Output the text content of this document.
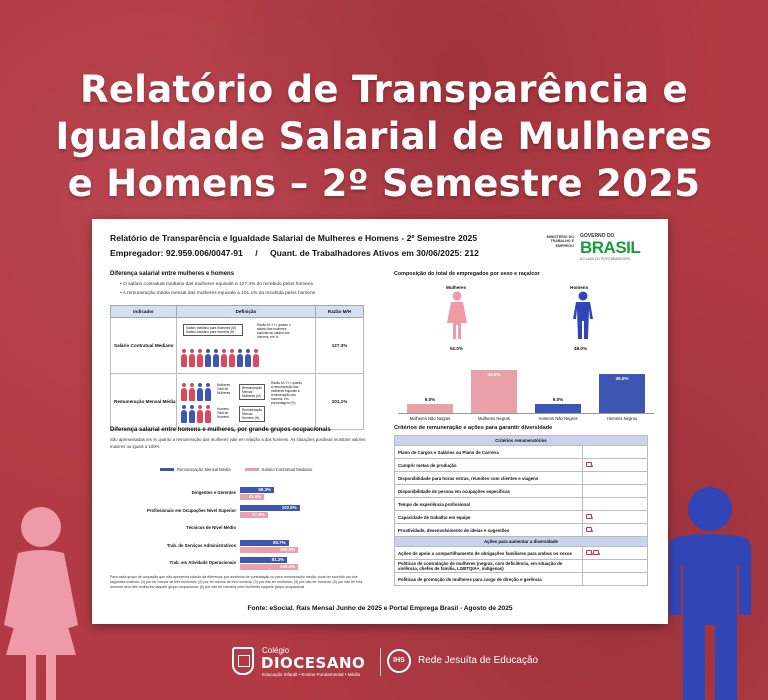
Relatório de Transparência e
Igualdade Salarial de Mulheres
e Homens – 2º Semestre 2025
Relatório de Transparência e Igualdade Salarial de Mulheres e Homens - 2º Semestre 2025
Empregador: 92.959.006/0047-91 / Quant. de Trabalhadores Ativos em 30/06/2025: 212
MINISTÉRIO DO TRABALHO E EMPREGO
GOVERNO DO
BRASIL
DO LADO DO POVO BRASILEIRO
Diferença salarial entre mulheres e homens
• O salário contratual mediano das mulheres equivale a 127.3% do recebido pelos homens.
• A remuneração média mensal das mulheres equivale a 101.1% da recebida pelos homens.
Indicador	Definição	Razão M/H
Salário Contratual Mediano	Salário mediano para Mulheres (M)
Salário mediano para Homens (H)
Razão M / H = quanto o salário das mulheres equivale ao salário dos homens, em %	127.3%
Remuneração Mensal Média	Mulheres Total de Mulheres
Homens Total de Homens
Remuneração Mensal Mulheres (M)
Remuneração Mensal Homens (H)
Razão M / H = quanto a remuneração das mulheres equivale à remuneração dos homens, em porcentagem (%)	101.1%
Diferença salarial entre homens e mulheres, por grande grupos ocupacionais
São apresentadas em % quanto a remuneração das mulheres vale em relação à dos homens. As situações positivas mostram valores maiores ou iguais a 100%
Remuneração Mensal Média	Salário Contratual Mediano
Dirigentes e Gerentes
58.3%
41.9%
Profissionais em Ocupações Nível Superior
102.9%
47.6%
Técnicos de Nível Médio
Trab. de Serviços Administrativos
83.7%
100.0%
Trab. em Atividade Operacionais
81.2%
100.0%
Para cada grupo de ocupação que não apresenta cálculo da diferença, por ausência de contratação ou para remuneração média, pode ter ocorrido um dos seguintes motivos: (1) por ter menos de três mulheres; (2) por ter menos de três homens; (3) por não ter mulheres; (4) por não ter homens; (5) por não ter três homens nem três mulheres naquele grupo ocupacional; (6) por não ter homens nem mulheres naquele grupo ocupacional
Composição do total de empregados por sexo e raça/cor
Mulheres	Homens
52.0%	48.0%
9.0%
Mulheres Não Negras
43.0%
Mulheres Negras
9.0%
Homens Não Negros
39.0%
Homens Negros
Critérios de remuneração e ações para garantir diversidade
Critérios remuneratórios	
Plano de Cargos e Salários ou Plano de Carreira	
Cumprir metas de produção	
Disponibilidade para horas extras, reuniões com clientes e viagens	
Disponibilidade de pessoa em ocupações específicas	
Tempo de experiência profissional	
Capacidade de trabalho em equipe	
Proatividade, desenvolvimento de ideias e sugestões	
Ações para aumentar a diversidade	
Ações de apoio a compartilhamento de obrigações familiares para ambos os sexos	
Políticas de contratação de mulheres (negras, com deficiência, em situação de violência, chefes de família, LGBTQIA+, indígenas)	
Políticas de promoção de mulheres para cargo de direção e gerência	
Fonte: eSocial. Rais Mensal Junho de 2025 e Portal Emprega Brasil - Agosto de 2025
Colégio
DIOCESANO
Educação Infantil • Ensino Fundamental • Médio
IHS	Rede Jesuíta de Educação
